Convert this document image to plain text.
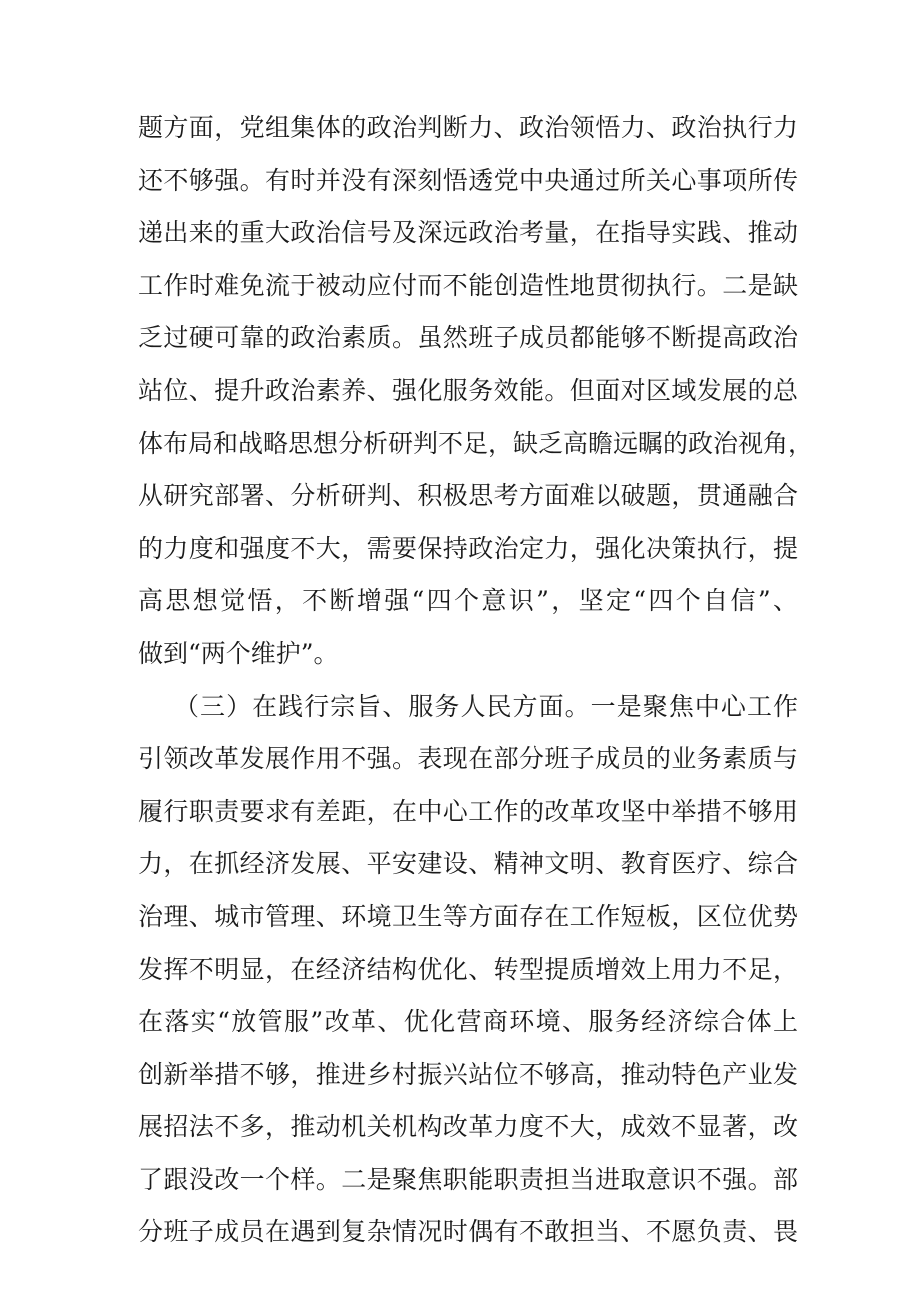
题方面，党组集体的政治判断力、政治领悟力、政治执行力
还不够强。有时并没有深刻悟透党中央通过所关心事项所传
递出来的重大政治信号及深远政治考量，在指导实践、推动
工作时难免流于被动应付而不能创造性地贯彻执行。二是缺
乏过硬可靠的政治素质。虽然班子成员都能够不断提高政治
站位、提升政治素养、强化服务效能。但面对区域发展的总
体布局和战略思想分析研判不足，缺乏高瞻远瞩的政治视角，
从研究部署、分析研判、积极思考方面难以破题，贯通融合
的力度和强度不大，需要保持政治定力，强化决策执行，提
高思想觉悟，不断增强“四个意识”，坚定“四个自信”、
做到“两个维护”。
（三）在践行宗旨、服务人民方面。一是聚焦中心工作
引领改革发展作用不强。表现在部分班子成员的业务素质与
履行职责要求有差距，在中心工作的改革攻坚中举措不够用
力，在抓经济发展、平安建设、精神文明、教育医疗、综合
治理、城市管理、环境卫生等方面存在工作短板，区位优势
发挥不明显，在经济结构优化、转型提质增效上用力不足，
在落实“放管服”改革、优化营商环境、服务经济综合体上
创新举措不够，推进乡村振兴站位不够高，推动特色产业发
展招法不多，推动机关机构改革力度不大，成效不显著，改
了跟没改一个样。二是聚焦职能职责担当进取意识不强。部
分班子成员在遇到复杂情况时偶有不敢担当、不愿负责、畏
